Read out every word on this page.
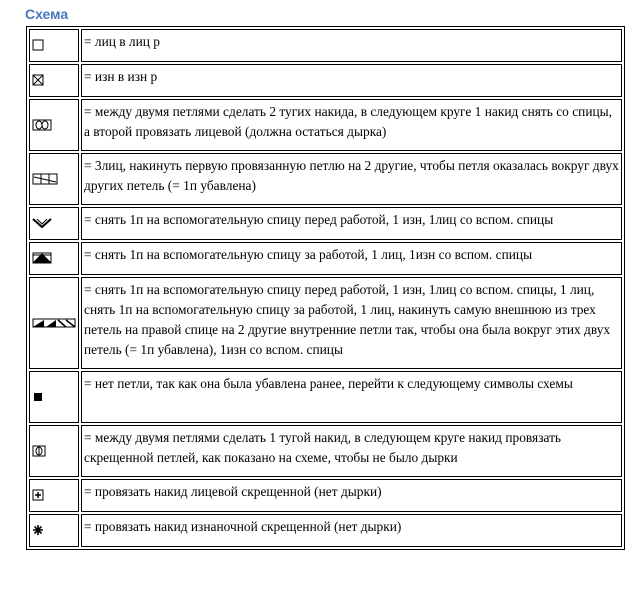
Схема
	= лиц в лиц р

	= изн в изн р

	= между двумя петлями сделать 2 тугих накида, в следующем круге 1 накид снять со спицы, а второй провязать лицевой (должна остаться дырка)

	= 3лиц, накинуть первую провязанную петлю на 2 другие, чтобы петля оказалась вокруг двух других петель (= 1п убавлена)

	= снять 1п на вспомогательную спицу перед работой, 1 изн, 1лиц со вспом. спицы

	= снять 1п на вспомогательную спицу за работой, 1 лиц, 1изн со вспом. спицы

	= снять 1п на вспомогательную спицу перед работой, 1 изн, 1лиц со вспом. спицы, 1 лиц, снять 1п на вспомогательную спицу за работой, 1 лиц, накинуть самую внешнюю из трех петель на правой спице на 2 другие внутренние петли так, чтобы она была вокруг этих двух петель (= 1п убавлена), 1изн со вспом. спицы

	= нет петли, так как она была убавлена ранее, перейти к следующему символы схемы

	= между двумя петлями сделать 1 тугой накид, в следующем круге накид провязать скрещенной петлей, как показано на схеме, чтобы не было дырки

	= провязать накид лицевой скрещенной (нет дырки)

	= провязать накид изнаночной скрещенной (нет дырки)
